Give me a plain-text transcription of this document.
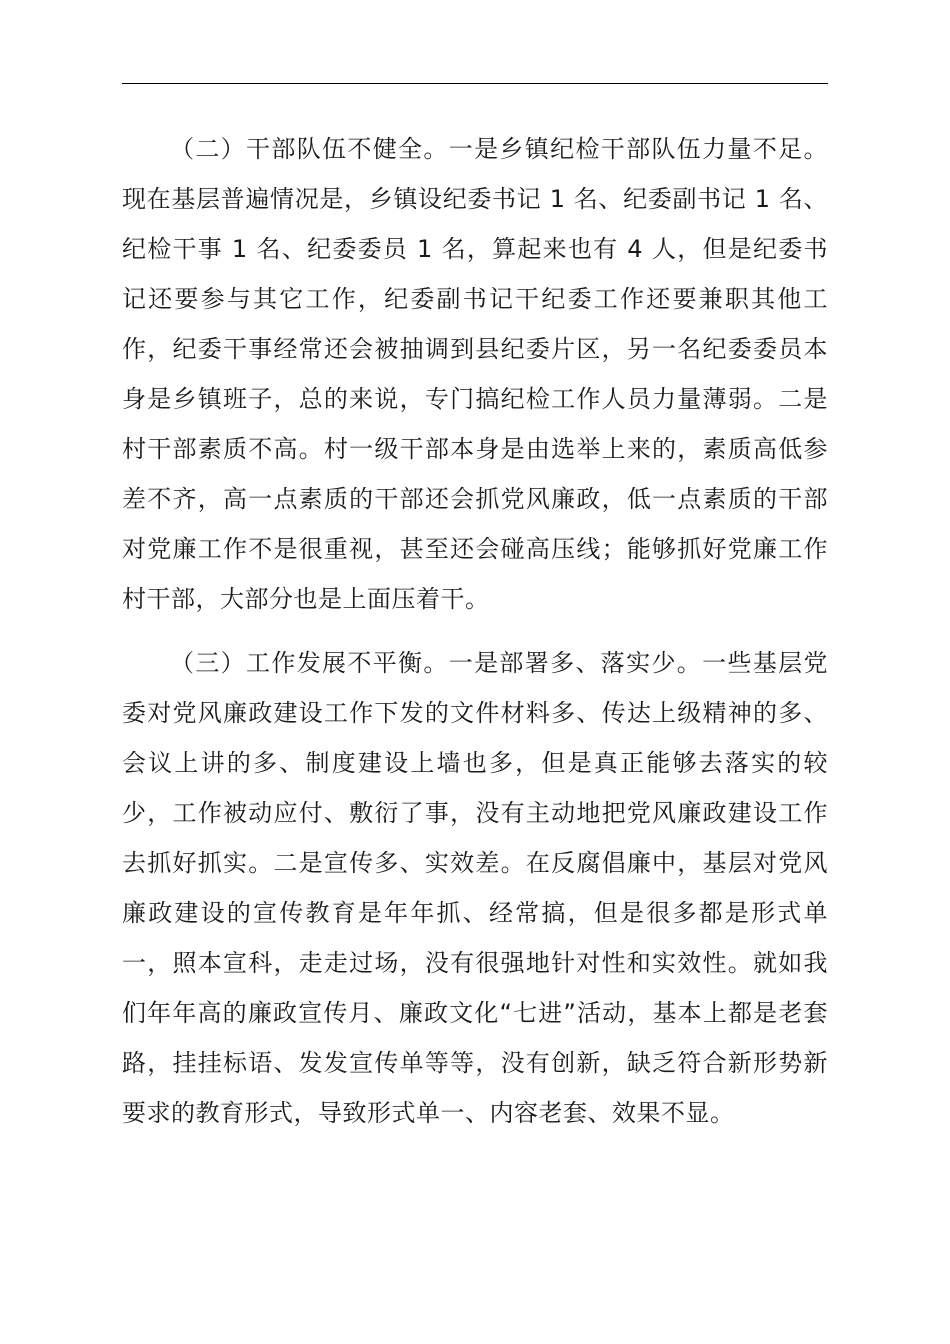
（二）干部队伍不健全。一是乡镇纪检干部队伍力量不足。现在基层普遍情况是，乡镇设纪委书记 1 名、纪委副书记 1 名、纪检干事 1 名、纪委委员 1 名，算起来也有 4 人，但是纪委书记还要参与其它工作，纪委副书记干纪委工作还要兼职其他工作，纪委干事经常还会被抽调到县纪委片区，另一名纪委委员本身是乡镇班子，总的来说，专门搞纪检工作人员力量薄弱。二是村干部素质不高。村一级干部本身是由选举上来的，素质高低参差不齐，高一点素质的干部还会抓党风廉政，低一点素质的干部对党廉工作不是很重视，甚至还会碰高压线；能够抓好党廉工作村干部，大部分也是上面压着干。

（三）工作发展不平衡。一是部署多、落实少。一些基层党委对党风廉政建设工作下发的文件材料多、传达上级精神的多、会议上讲的多、制度建设上墙也多，但是真正能够去落实的较少，工作被动应付、敷衍了事，没有主动地把党风廉政建设工作去抓好抓实。二是宣传多、实效差。在反腐倡廉中，基层对党风廉政建设的宣传教育是年年抓、经常搞，但是很多都是形式单一，照本宣科，走走过场，没有很强地针对性和实效性。就如我们年年高的廉政宣传月、廉政文化“七进”活动，基本上都是老套路，挂挂标语、发发宣传单等等，没有创新，缺乏符合新形势新要求的教育形式，导致形式单一、内容老套、效果不显。
